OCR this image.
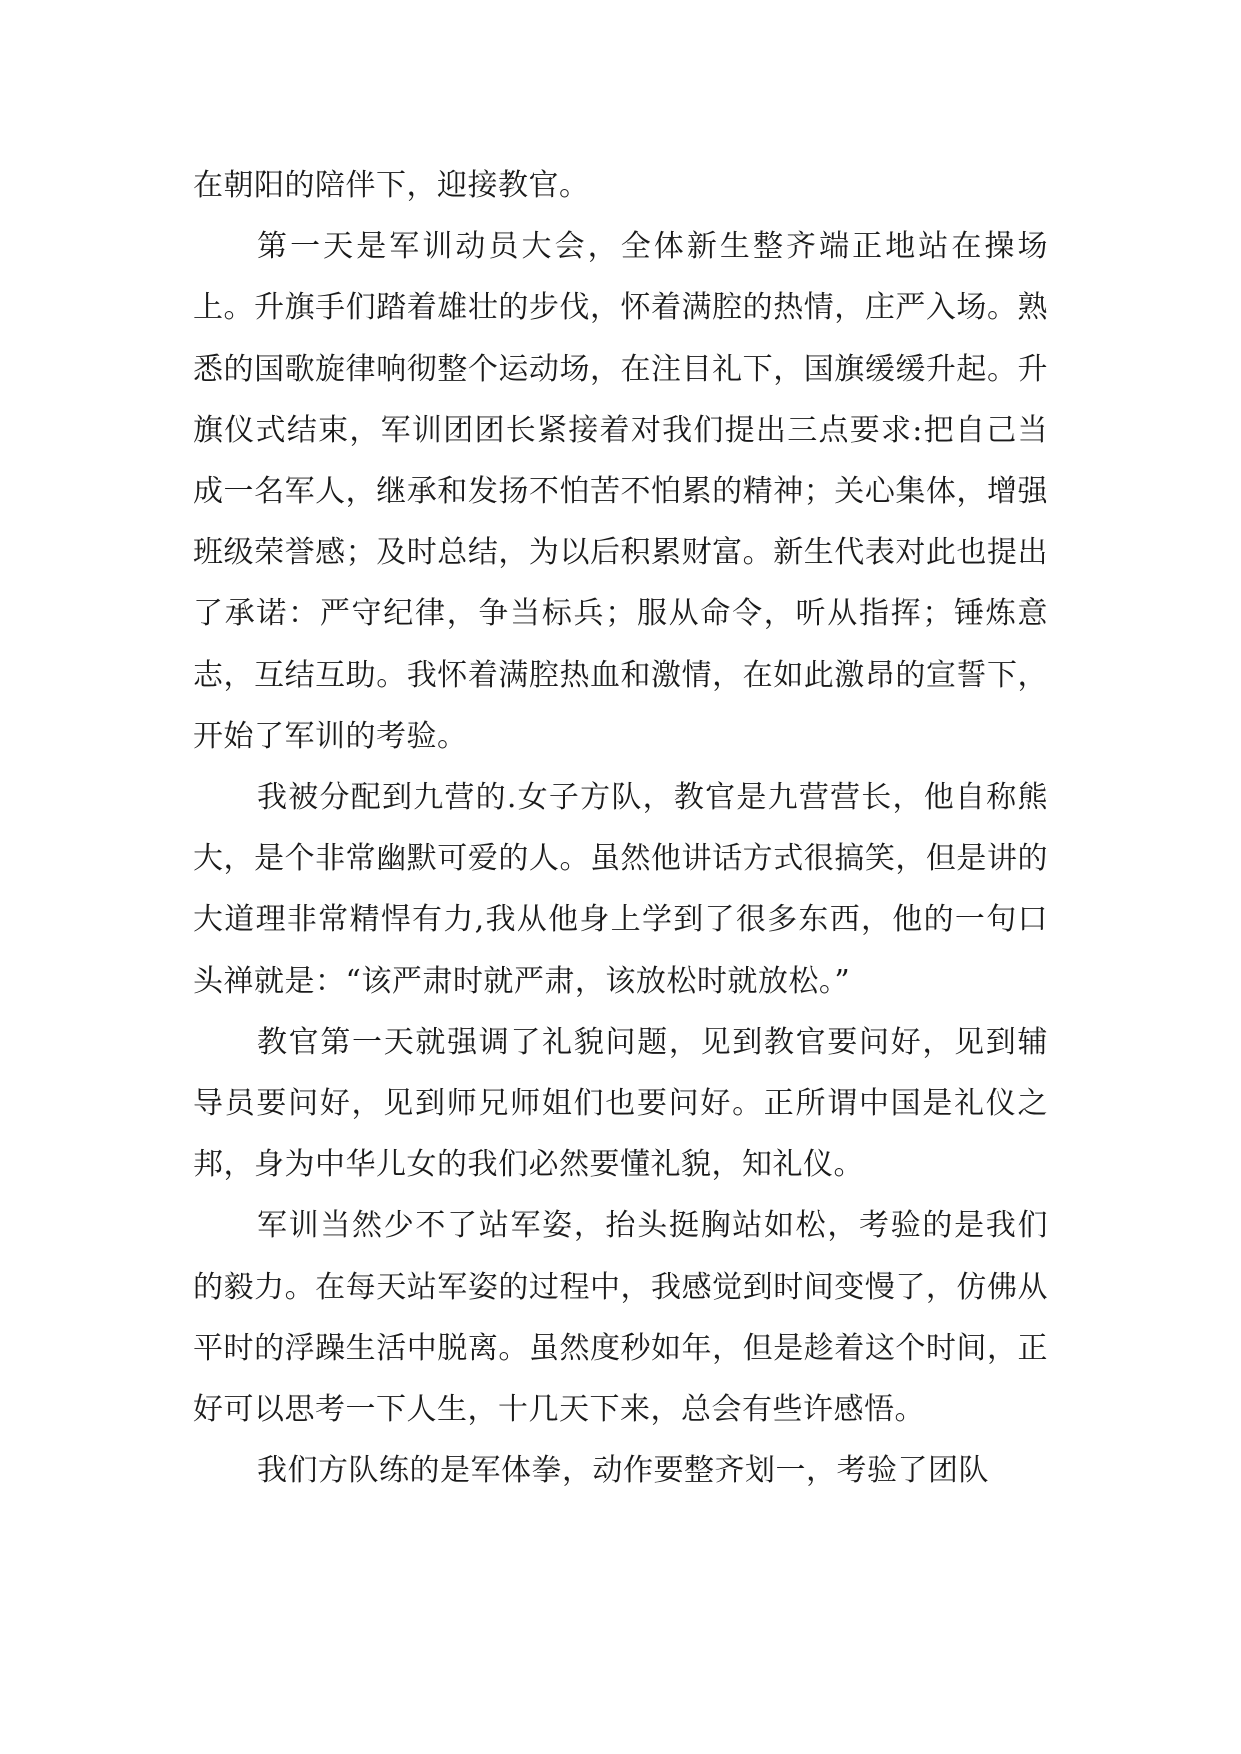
在朝阳的陪伴下，迎接教官。

第一天是军训动员大会，全体新生整齐端正地站在操场上。升旗手们踏着雄壮的步伐，怀着满腔的热情，庄严入场。熟悉的国歌旋律响彻整个运动场，在注目礼下，国旗缓缓升起。升旗仪式结束，军训团团长紧接着对我们提出三点要求:把自己当成一名军人，继承和发扬不怕苦不怕累的精神；关心集体，增强班级荣誉感；及时总结，为以后积累财富。新生代表对此也提出了承诺：严守纪律，争当标兵；服从命令，听从指挥；锤炼意志，互结互助。我怀着满腔热血和激情，在如此激昂的宣誓下，开始了军训的考验。

我被分配到九营的.女子方队，教官是九营营长，他自称熊大，是个非常幽默可爱的人。虽然他讲话方式很搞笑，但是讲的大道理非常精悍有力,我从他身上学到了很多东西，他的一句口头禅就是：“该严肃时就严肃，该放松时就放松。”

教官第一天就强调了礼貌问题，见到教官要问好，见到辅导员要问好，见到师兄师姐们也要问好。正所谓中国是礼仪之邦，身为中华儿女的我们必然要懂礼貌，知礼仪。

军训当然少不了站军姿，抬头挺胸站如松，考验的是我们的毅力。在每天站军姿的过程中，我感觉到时间变慢了，仿佛从平时的浮躁生活中脱离。虽然度秒如年，但是趁着这个时间，正好可以思考一下人生，十几天下来，总会有些许感悟。

我们方队练的是军体拳，动作要整齐划一，考验了团队
